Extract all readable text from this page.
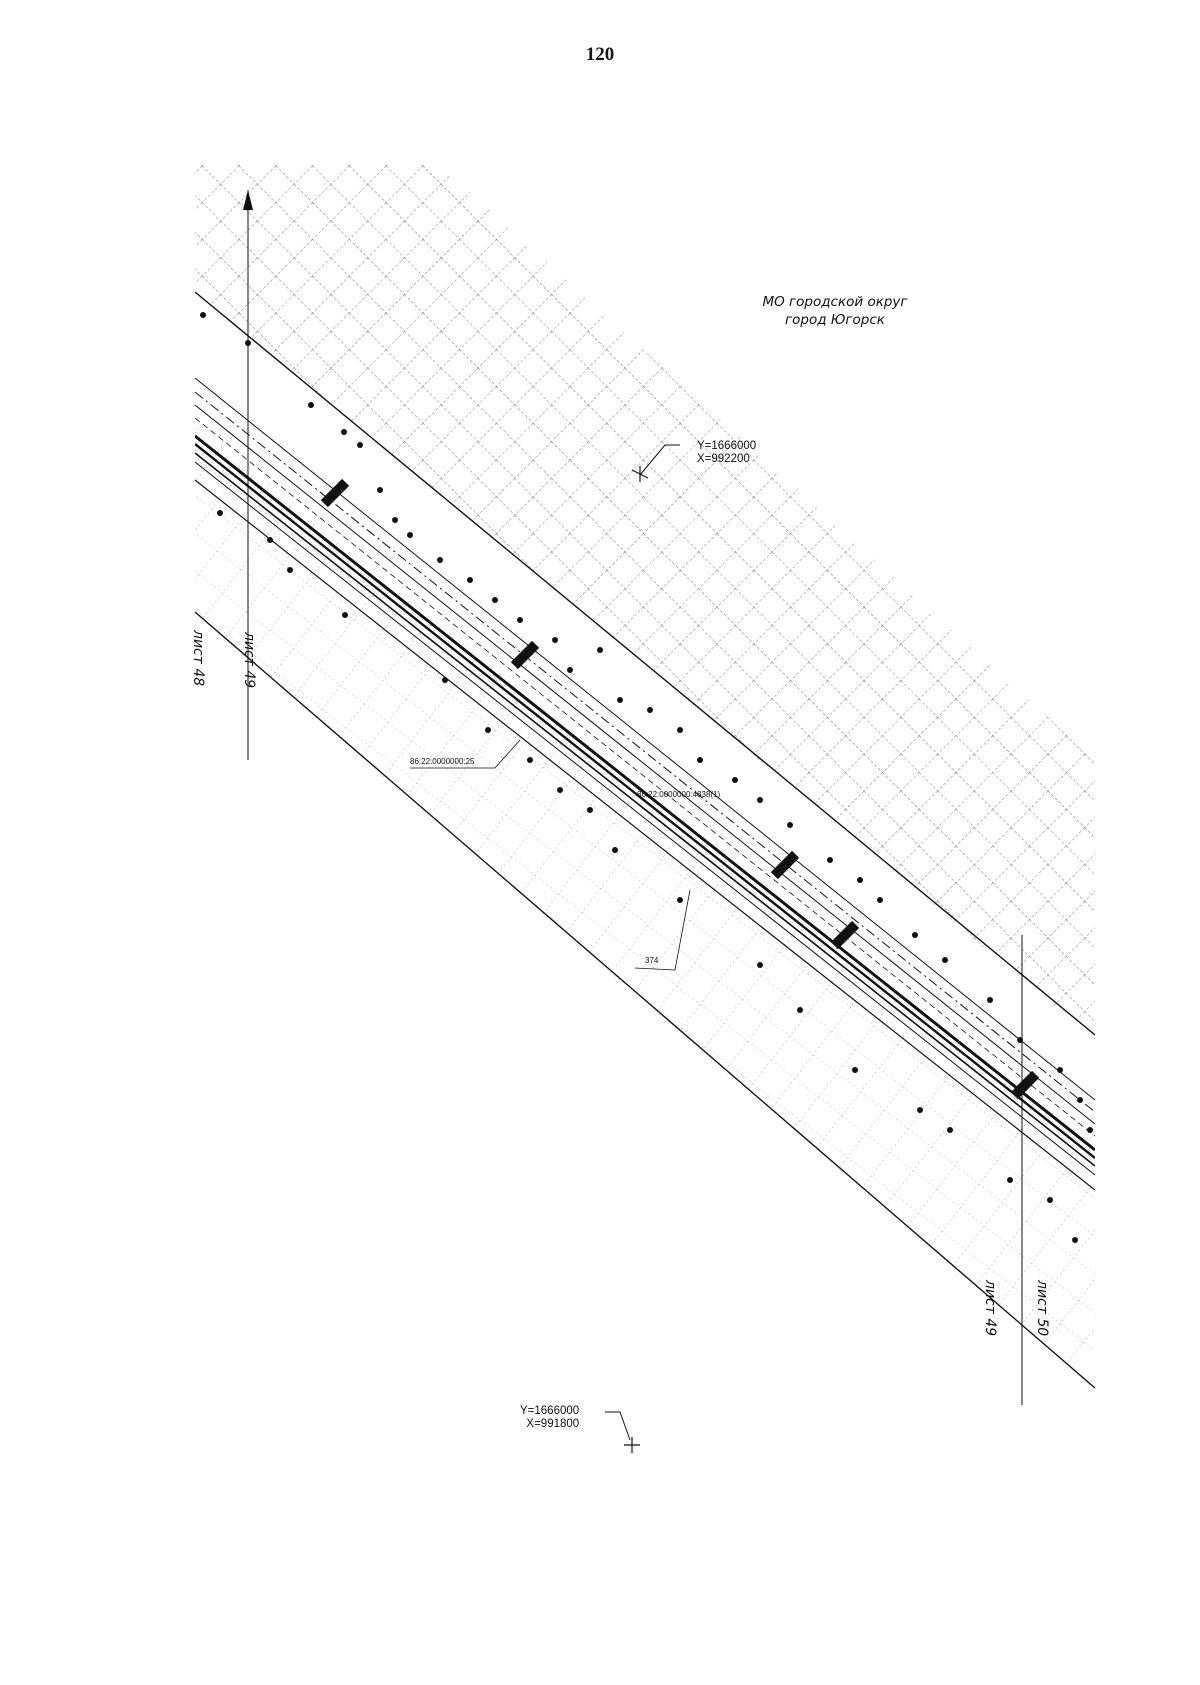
120
МО городской округ
город Югорск
Y=1666000
X=992200
Y=1666000
X=991800
лист 48	лист 49
лист 49	лист 50
86:22:0000000:25
86:22:0000000:4838(1)
374
